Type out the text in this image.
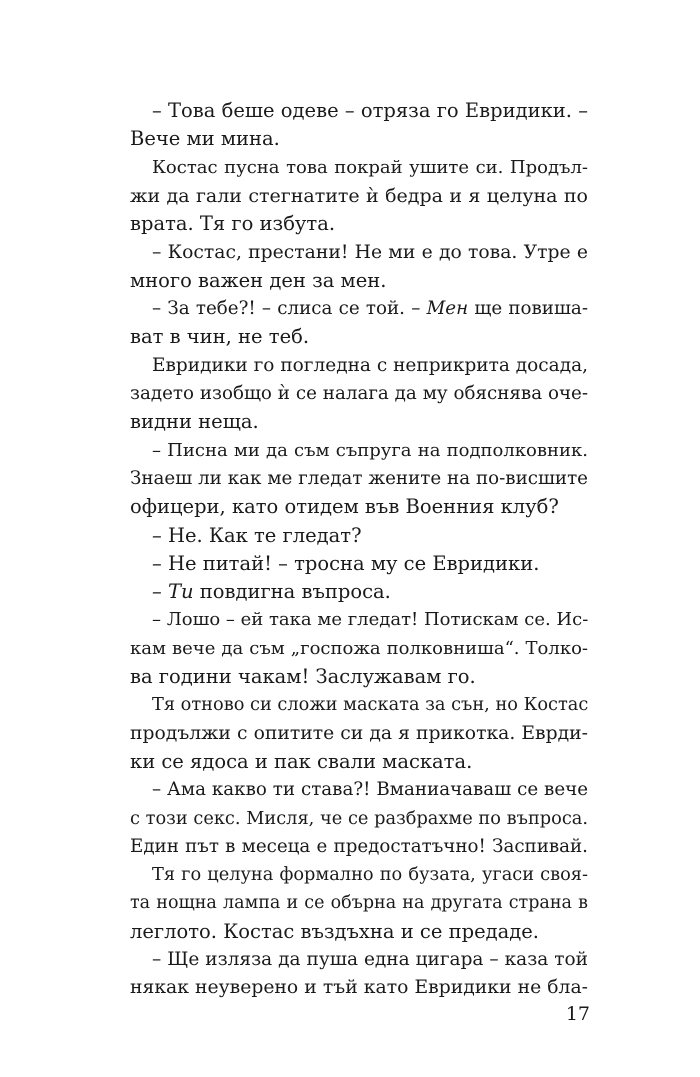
– Това беше одеве – отряза го Евридики. –
Вече ми мина.
Костас пусна това покрай ушите си. Продъл-
жи да гали стегнатите ѝ бедра и я целуна по
врата. Тя го избута.
– Костас, престани! Не ми е до това. Утре е
много важен ден за мен.
– За тебе?! – слиса се той. – Мен ще повиша-
ват в чин, не теб.
Евридики го погледна с неприкрита досада,
задето изобщо ѝ се налага да му обяснява оче-
видни неща.
– Писна ми да съм съпруга на подполковник.
Знаеш ли как ме гледат жените на по-висшите
офицери, като отидем във Военния клуб?
– Не. Как те гледат?
– Не питай! – тросна му се Евридики.
– Ти повдигна въпроса.
– Лошо – ей така ме гледат! Потискам се. Ис-
кам вече да съм „госпожа полковниша“. Толко-
ва години чакам! Заслужавам го.
Тя отново си сложи маската за сън, но Костас
продължи с опитите си да я прикотка. Еврди-
ки се ядоса и пак свали маската.
– Ама какво ти става?! Вманиачаваш се вече
с този секс. Мисля, че се разбрахме по въпроса.
Един път в месеца е предостатъчно! Заспивай.
Тя го целуна формално по бузата, угаси своя-
та нощна лампа и се обърна на другата страна в
леглото. Костас въздъхна и се предаде.
– Ще изляза да пуша една цигара – каза той
някак неуверено и тъй като Евридики не бла-
17
